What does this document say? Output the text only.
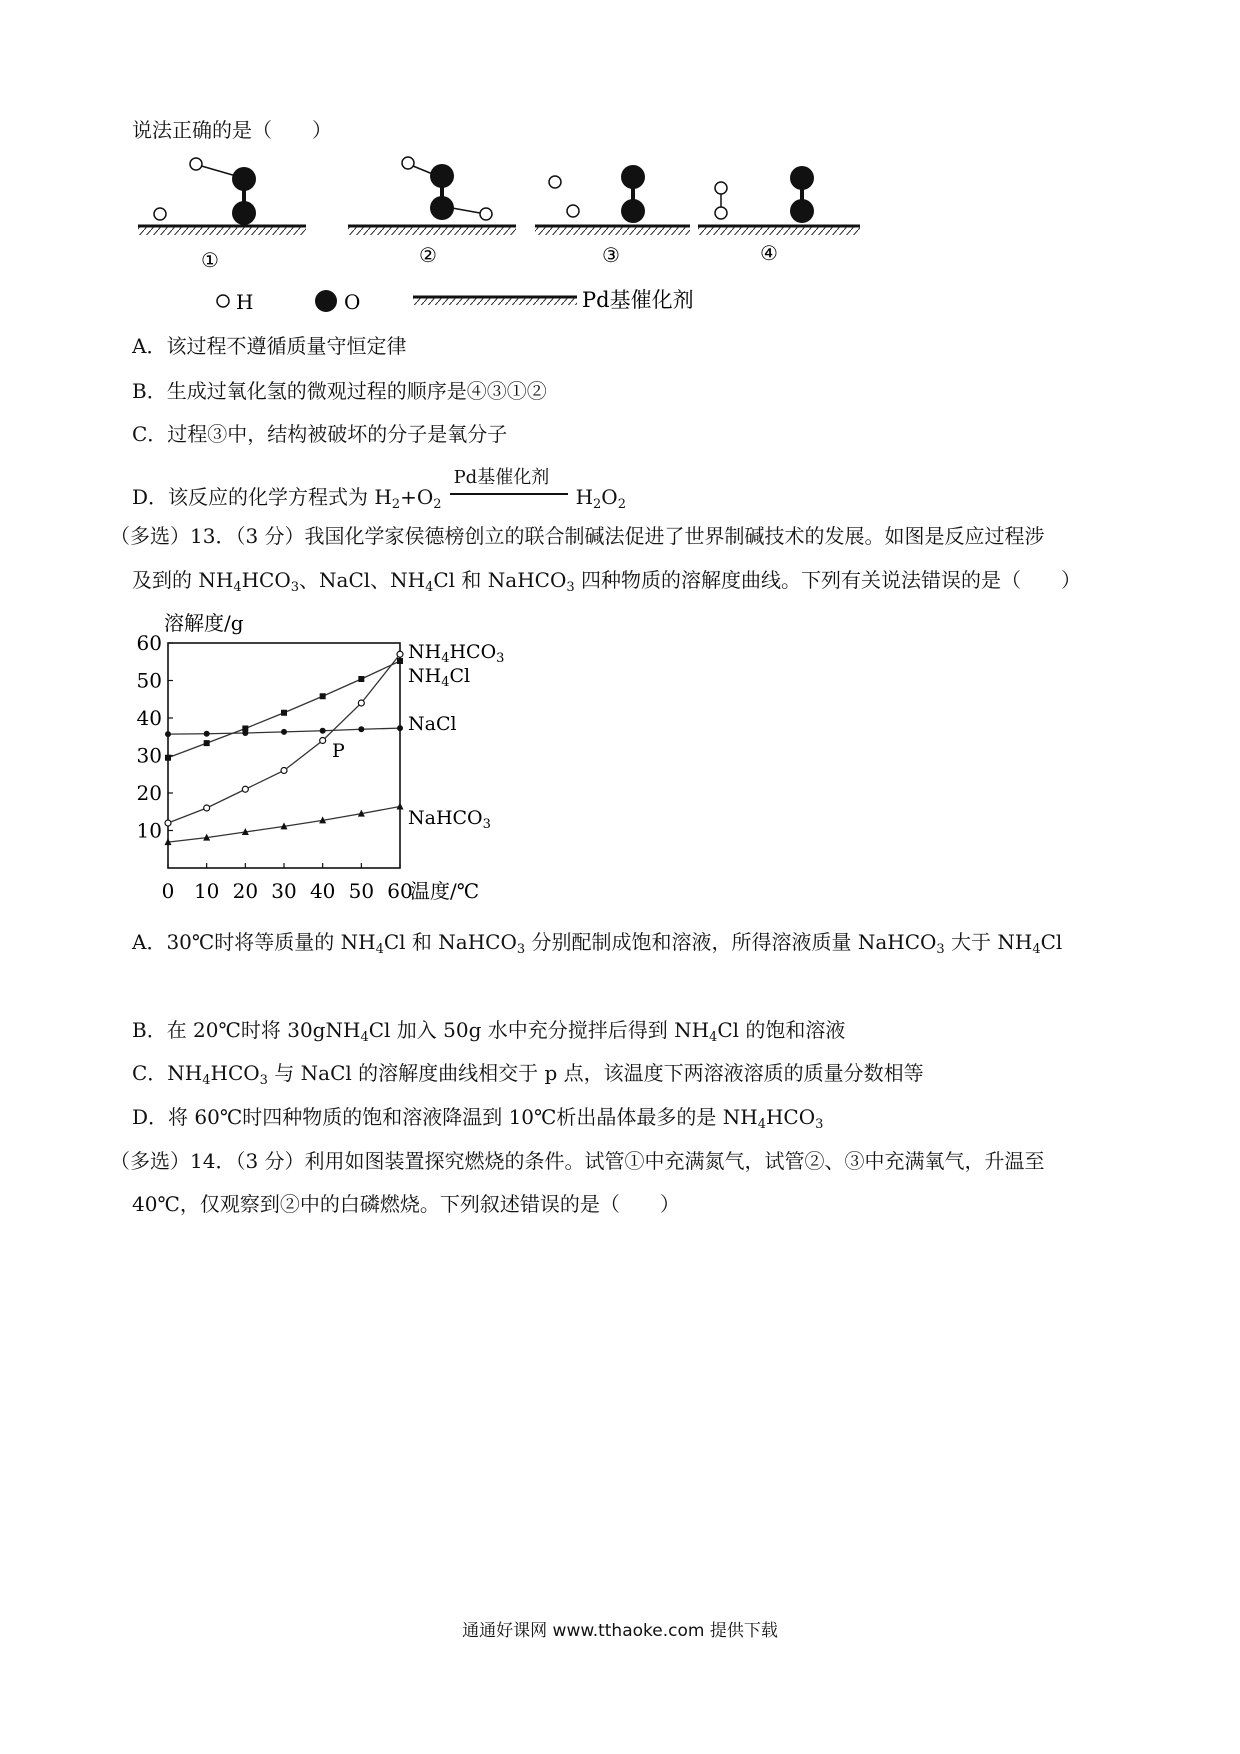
说法正确的是（　　）
①	②	③	④
H	O	Pd基催化剂
A．该过程不遵循质量守恒定律
B．生成过氧化氢的微观过程的顺序是④③①②
C．过程③中，结构被破坏的分子是氧分子
D．该反应的化学方程式为 $H_2+O_2$
Pd基催化剂
$H_2O_2$
（多选）13．（3 分）我国化学家侯德榜创立的联合制碱法促进了世界制碱技术的发展。如图是反应过程涉
及到的 $NH_4HCO_3$、NaCl、$NH_4Cl$ 和 NaHCO$_3$ 四种物质的溶解度曲线。下列有关说法错误的是（　　）
溶解度/g
温度/℃
10
20
30
40
50
60
0 10 20 30 40 50 60
$NH_4HCO_3$
$NH_4Cl$
NaCl
NaHCO$_3$
P
A．30℃时将等质量的 $NH_4Cl$ 和 NaHCO$_3$ 分别配制成饱和溶液，所得溶液质量 NaHCO$_3$ 大于 $NH_4Cl$
B．在 20℃时将 30gNH$_4$Cl 加入 50g 水中充分搅拌后得到 $NH_4Cl$ 的饱和溶液
C．$NH_4HCO_3$ 与 NaCl 的溶解度曲线相交于 p 点，该温度下两溶液溶质的质量分数相等
D．将 60℃时四种物质的饱和溶液降温到 10℃析出晶体最多的是 $NH_4HCO_3$
（多选）14．（3 分）利用如图装置探究燃烧的条件。试管①中充满氮气，试管②、③中充满氧气，升温至
40℃，仅观察到②中的白磷燃烧。下列叙述错误的是（　　）
通通好课网 www.tthaoke.com 提供下载
